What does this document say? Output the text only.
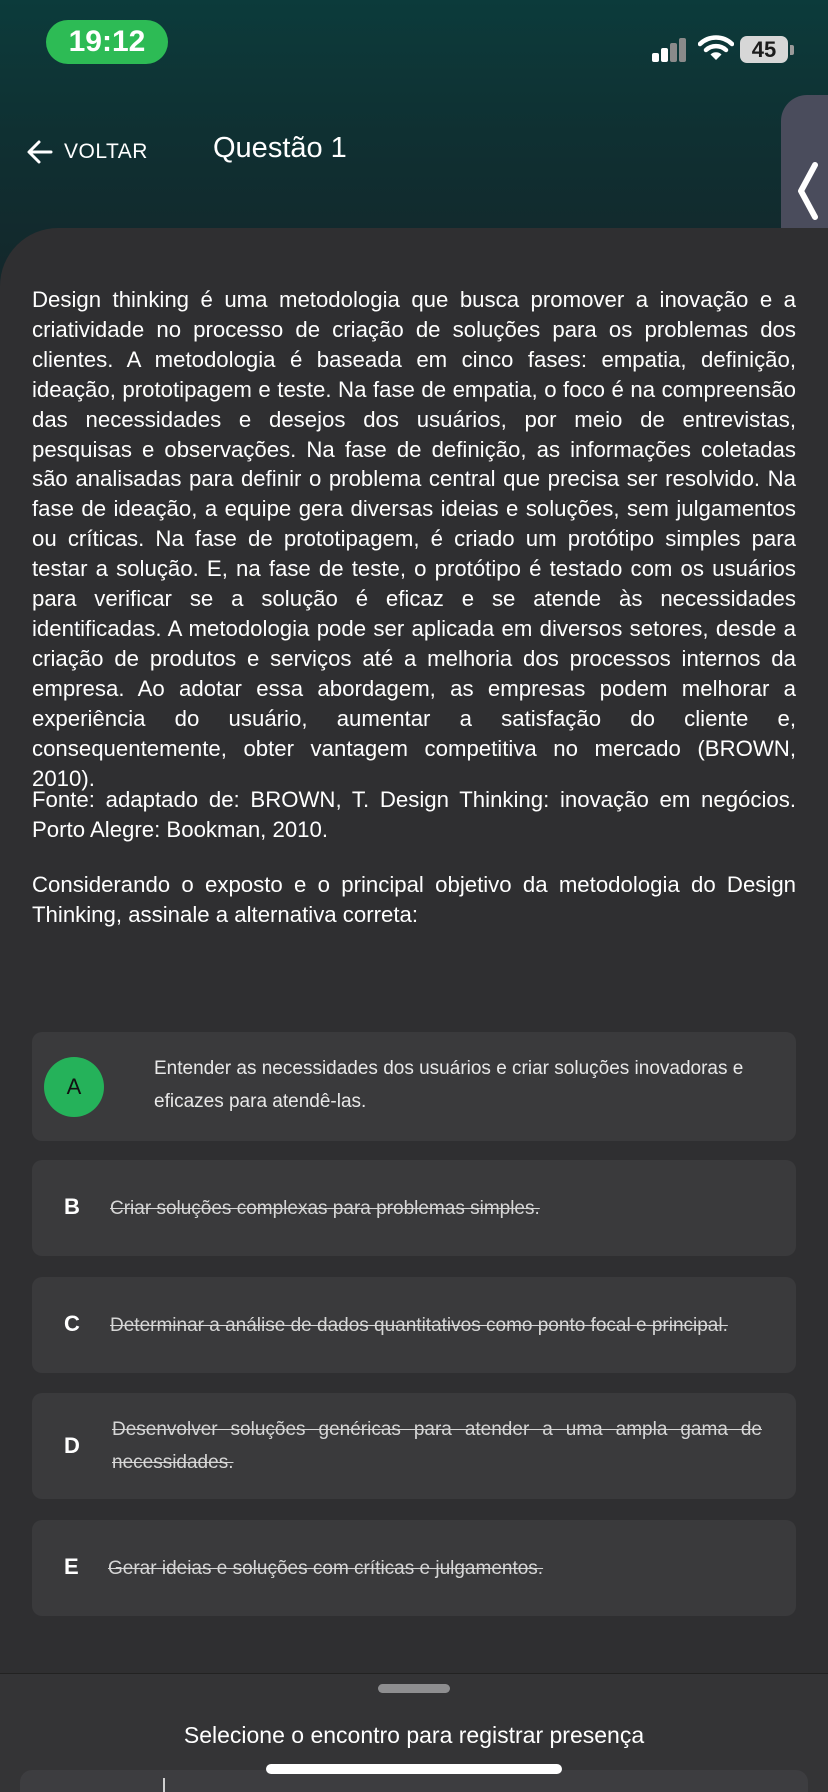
19:12	45
VOLTAR Questão 1

Design thinking é uma metodologia que busca promover a inovação e a criatividade no processo de criação de soluções para os problemas dos clientes. A metodologia é baseada em cinco fases: empatia, definição, ideação, prototipagem e teste. Na fase de empatia, o foco é na compreensão das necessidades e desejos dos usuários, por meio de entrevistas, pesquisas e observações. Na fase de definição, as informações coletadas são analisadas para definir o problema central que precisa ser resolvido. Na fase de ideação, a equipe gera diversas ideias e soluções, sem julgamentos ou críticas. Na fase de prototipagem, é criado um protótipo simples para testar a solução. E, na fase de teste, o protótipo é testado com os usuários para verificar se a solução é eficaz e se atende às necessidades identificadas. A metodologia pode ser aplicada em diversos setores, desde a criação de produtos e serviços até a melhoria dos processos internos da empresa. Ao adotar essa abordagem, as empresas podem melhorar a experiência do usuário, aumentar a satisfação do cliente e, consequentemente, obter vantagem competitiva no mercado (BROWN, 2010).

Fonte: adaptado de: BROWN, T. Design Thinking: inovação em negócios. Porto Alegre: Bookman, 2010.

Considerando o exposto e o principal objetivo da metodologia do Design Thinking, assinale a alternativa correta:

A
Entender as necessidades dos usuários e criar soluções inovadoras e eficazes para atendê-las.
B Criar soluções complexas para problemas simples.
C Determinar a análise de dados quantitativos como ponto focal e principal.
D
Desenvolver soluções genéricas para atender a uma ampla gama de necessidades.
E Gerar ideias e soluções com críticas e julgamentos.
Selecione o encontro para registrar presença
